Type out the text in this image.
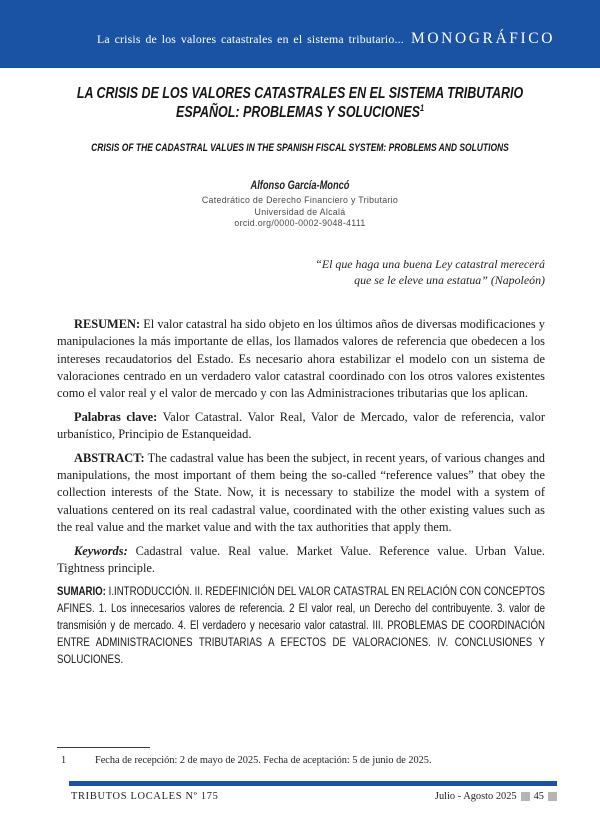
La crisis de los valores catastrales en el sistema tributario... MONOGRÁFICO
LA CRISIS DE LOS VALORES CATASTRALES EN EL SISTEMA TRIBUTARIO
ESPAÑOL: PROBLEMAS Y SOLUCIONES$^1$
CRISIS OF THE CADASTRAL VALUES IN THE SPANISH FISCAL SYSTEM: PROBLEMS AND SOLUTIONS
Alfonso García-Moncó
Catedrático de Derecho Financiero y Tributario
Universidad de Alcalá
orcid.org/0000-0002-9048-4111
“El que haga una buena Ley catastral merecerá
que se le eleve una estatua” (Napoleón)

RESUMEN: El valor catastral ha sido objeto en los últimos años de diversas modificaciones y manipulaciones la más importante de ellas, los llamados valores de referencia que obedecen a los intereses recaudatorios del Estado. Es necesario ahora estabilizar el modelo con un sistema de valoraciones centrado en un verdadero valor catastral coordinado con los otros valores existentes como el valor real y el valor de mercado y con las Administraciones tributarias que los aplican.

Palabras clave: Valor Catastral. Valor Real, Valor de Mercado, valor de referencia, valor urbanístico, Principio de Estanqueidad.

ABSTRACT: The cadastral value has been the subject, in recent years, of various changes and manipulations, the most important of them being the so-called “reference values” that obey the collection interests of the State. Now, it is necessary to stabilize the model with a system of valuations centered on its real cadastral value, coordinated with the other existing values such as the real value and the market value and with the tax authorities that apply them.

Keywords: Cadastral value. Real value. Market Value. Reference value. Urban Value. Tightness principle.

SUMARIO: I.INTRODUCCIÓN. II. REDEFINICIÓN DEL VALOR CATASTRAL EN RELACIÓN CON CONCEPTOS AFINES. 1. Los innecesarios valores de referencia. 2 El valor real, un Derecho del contribuyente. 3. valor de transmisión y de mercado. 4. El verdadero y necesario valor catastral. III. PROBLEMAS DE COORDINACIÓN ENTRE ADMINISTRACIONES TRIBUTARIAS A EFECTOS DE VALORACIONES. IV. CONCLUSIONES Y SOLUCIONES.
1	Fecha de recepción: 2 de mayo de 2025. Fecha de aceptación: 5 de junio de 2025.
TRIBUTOS LOCALES Nº 175	Julio - Agosto 2025 45
